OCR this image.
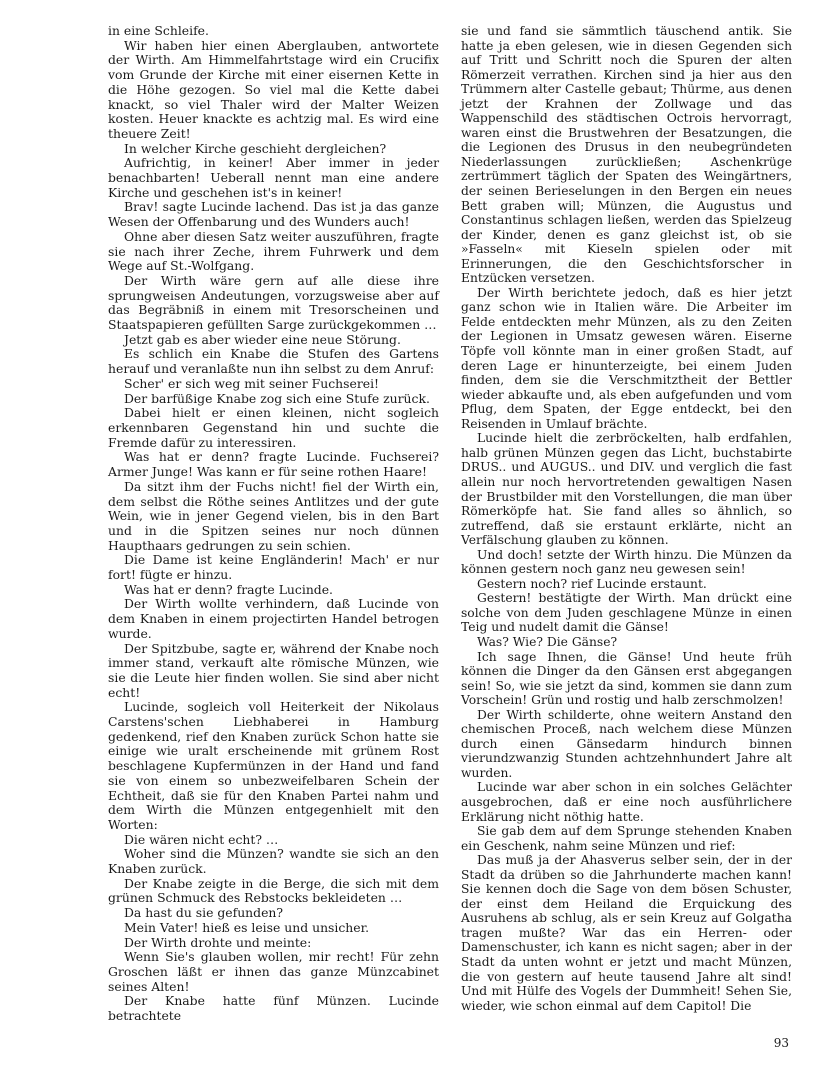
in eine Schleife.

Wir haben hier einen Aberglauben, antwortete der Wirth. Am Himmelfahrtstage wird ein Crucifix vom Grunde der Kirche mit einer eisernen Kette in die Höhe gezogen. So viel mal die Kette dabei knackt, so viel Thaler wird der Malter Weizen kosten. Heuer knackte es achtzig mal. Es wird eine theuere Zeit!

In welcher Kirche geschieht dergleichen?

Aufrichtig, in keiner! Aber immer in jeder benachbarten! Ueberall nennt man eine andere Kirche und geschehen ist's in keiner!

Brav! sagte Lucinde lachend. Das ist ja das ganze Wesen der Offenbarung und des Wunders auch!

Ohne aber diesen Satz weiter auszuführen, fragte sie nach ihrer Zeche, ihrem Fuhrwerk und dem Wege auf St.-Wolfgang.

Der Wirth wäre gern auf alle diese ihre sprungweisen Andeutungen, vorzugsweise aber auf das Begräbniß in einem mit Tresorscheinen und Staatspapieren gefüllten Sarge zurückgekommen …

Jetzt gab es aber wieder eine neue Störung.

Es schlich ein Knabe die Stufen des Gartens herauf und veranlaßte nun ihn selbst zu dem Anruf:

Scher' er sich weg mit seiner Fuchserei!

Der barfüßige Knabe zog sich eine Stufe zurück.

Dabei hielt er einen kleinen, nicht sogleich erkennbaren Gegenstand hin und suchte die Fremde dafür zu interessiren.

Was hat er denn? fragte Lucinde. Fuchserei? Armer Junge! Was kann er für seine rothen Haare!

Da sitzt ihm der Fuchs nicht! fiel der Wirth ein, dem selbst die Röthe seines Antlitzes und der gute Wein, wie in jener Gegend vielen, bis in den Bart und in die Spitzen seines nur noch dünnen Haupthaars gedrungen zu sein schien.

Die Dame ist keine Engländerin! Mach' er nur fort! fügte er hinzu.

Was hat er denn? fragte Lucinde.

Der Wirth wollte verhindern, daß Lucinde von dem Knaben in einem projectirten Handel betrogen wurde.

Der Spitzbube, sagte er, während der Knabe noch immer stand, verkauft alte römische Münzen, wie sie die Leute hier finden wollen. Sie sind aber nicht echt!

Lucinde, sogleich voll Heiterkeit der Nikolaus Carstens'schen Liebhaberei in Hamburg gedenkend, rief den Knaben zurück Schon hatte sie einige wie uralt erscheinende mit grünem Rost beschlagene Kupfermünzen in der Hand und fand sie von einem so unbezweifelbaren Schein der Echtheit, daß sie für den Knaben Partei nahm und dem Wirth die Münzen entgegenhielt mit den Worten:

Die wären nicht echt? …

Woher sind die Münzen? wandte sie sich an den Knaben zurück.

Der Knabe zeigte in die Berge, die sich mit dem grünen Schmuck des Rebstocks bekleideten …

Da hast du sie gefunden?

Mein Vater! hieß es leise und unsicher.

Der Wirth drohte und meinte:

Wenn Sie's glauben wollen, mir recht! Für zehn Groschen läßt er ihnen das ganze Münzcabinet seines Alten!

Der Knabe hatte fünf Münzen. Lucinde betrachtete

sie und fand sie sämmtlich täuschend antik. Sie hatte ja eben gelesen, wie in diesen Gegenden sich auf Tritt und Schritt noch die Spuren der alten Römerzeit verrathen. Kirchen sind ja hier aus den Trümmern alter Castelle gebaut; Thürme, aus denen jetzt der Krahnen der Zollwage und das Wappenschild des städtischen Octrois hervorragt, waren einst die Brustwehren der Besatzungen, die die Legionen des Drusus in den neubegründeten Niederlassungen zurückließen; Aschenkrüge zertrümmert täglich der Spaten des Weingärtners, der seinen Berieselungen in den Bergen ein neues Bett graben will; Münzen, die Augustus und Constantinus schlagen ließen, werden das Spielzeug der Kinder, denen es ganz gleichst ist, ob sie »Fasseln« mit Kieseln spielen oder mit Erinnerungen, die den Geschichtsforscher in Entzücken versetzen.

Der Wirth berichtete jedoch, daß es hier jetzt ganz schon wie in Italien wäre. Die Arbeiter im Felde entdeckten mehr Münzen, als zu den Zeiten der Legionen in Umsatz gewesen wären. Eiserne Töpfe voll könnte man in einer großen Stadt, auf deren Lage er hinunterzeigte, bei einem Juden finden, dem sie die Verschmitztheit der Bettler wieder abkaufte und, als eben aufgefunden und vom Pflug, dem Spaten, der Egge entdeckt, bei den Reisenden in Umlauf brächte.

Lucinde hielt die zerbröckelten, halb erdfahlen, halb grünen Münzen gegen das Licht, buchstabirte DRUS.. und AUGUS.. und DIV. und verglich die fast allein nur noch hervortretenden gewaltigen Nasen der Brustbilder mit den Vorstellungen, die man über Römerköpfe hat. Sie fand alles so ähnlich, so zutreffend, daß sie erstaunt erklärte, nicht an Verfälschung glauben zu können.

Und doch! setzte der Wirth hinzu. Die Münzen da können gestern noch ganz neu gewesen sein!

Gestern noch? rief Lucinde erstaunt.

Gestern! bestätigte der Wirth. Man drückt eine solche von dem Juden geschlagene Münze in einen Teig und nudelt damit die Gänse!

Was? Wie? Die Gänse?

Ich sage Ihnen, die Gänse! Und heute früh können die Dinger da den Gänsen erst abgegangen sein! So, wie sie jetzt da sind, kommen sie dann zum Vorschein! Grün und rostig und halb zerschmolzen!

Der Wirth schilderte, ohne weitern Anstand den chemischen Proceß, nach welchem diese Münzen durch einen Gänsedarm hindurch binnen vierundzwanzig Stunden achtzehnhundert Jahre alt wurden.

Lucinde war aber schon in ein solches Gelächter ausgebrochen, daß er eine noch ausführlichere Erklärung nicht nöthig hatte.

Sie gab dem auf dem Sprunge stehenden Knaben ein Geschenk, nahm seine Münzen und rief:

Das muß ja der Ahasverus selber sein, der in der Stadt da drüben so die Jahrhunderte machen kann! Sie kennen doch die Sage von dem bösen Schuster, der einst dem Heiland die Erquickung des Ausruhens ab schlug, als er sein Kreuz auf Golgatha tragen mußte? War das ein Herren- oder Damenschuster, ich kann es nicht sagen; aber in der Stadt da unten wohnt er jetzt und macht Münzen, die von gestern auf heute tausend Jahre alt sind! Und mit Hülfe des Vogels der Dummheit! Sehen Sie, wieder, wie schon einmal auf dem Capitol! Die

93
